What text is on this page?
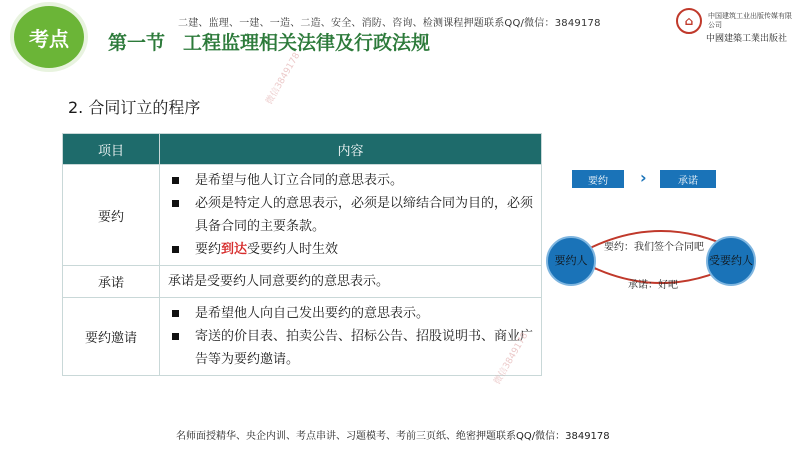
考点 第一节 工程监理相关法律及行政法规
二建、监理、一建、一造、二造、安全、消防、咨询、检测课程押题联系QQ/微信：3849178	⌂	中国建筑工业出版传媒有限公司
中國建築工業出版社
2. 合同订立的程序
项目	内容
要约	是希望与他人订立合同的意思表示。
必须是特定人的意思表示，必须是以缔结合同为目的，必须具备合同的主要条款。
要约到达受要约人时生效

承诺	承诺是受要约人同意要约的意思表示。
要约邀请	是希望他人向自己发出要约的意思表示。
寄送的价目表、拍卖公告、招标公告、招股说明书、商业广告等为要约邀请。
要约	›	承诺
要约人	受要约人
要约：我们签个合同吧
承诺：好吧
微信3849178
微信3849178
名师面授精华、央企内训、考点串讲、习题模考、考前三页纸、绝密押题联系QQ/微信：3849178
